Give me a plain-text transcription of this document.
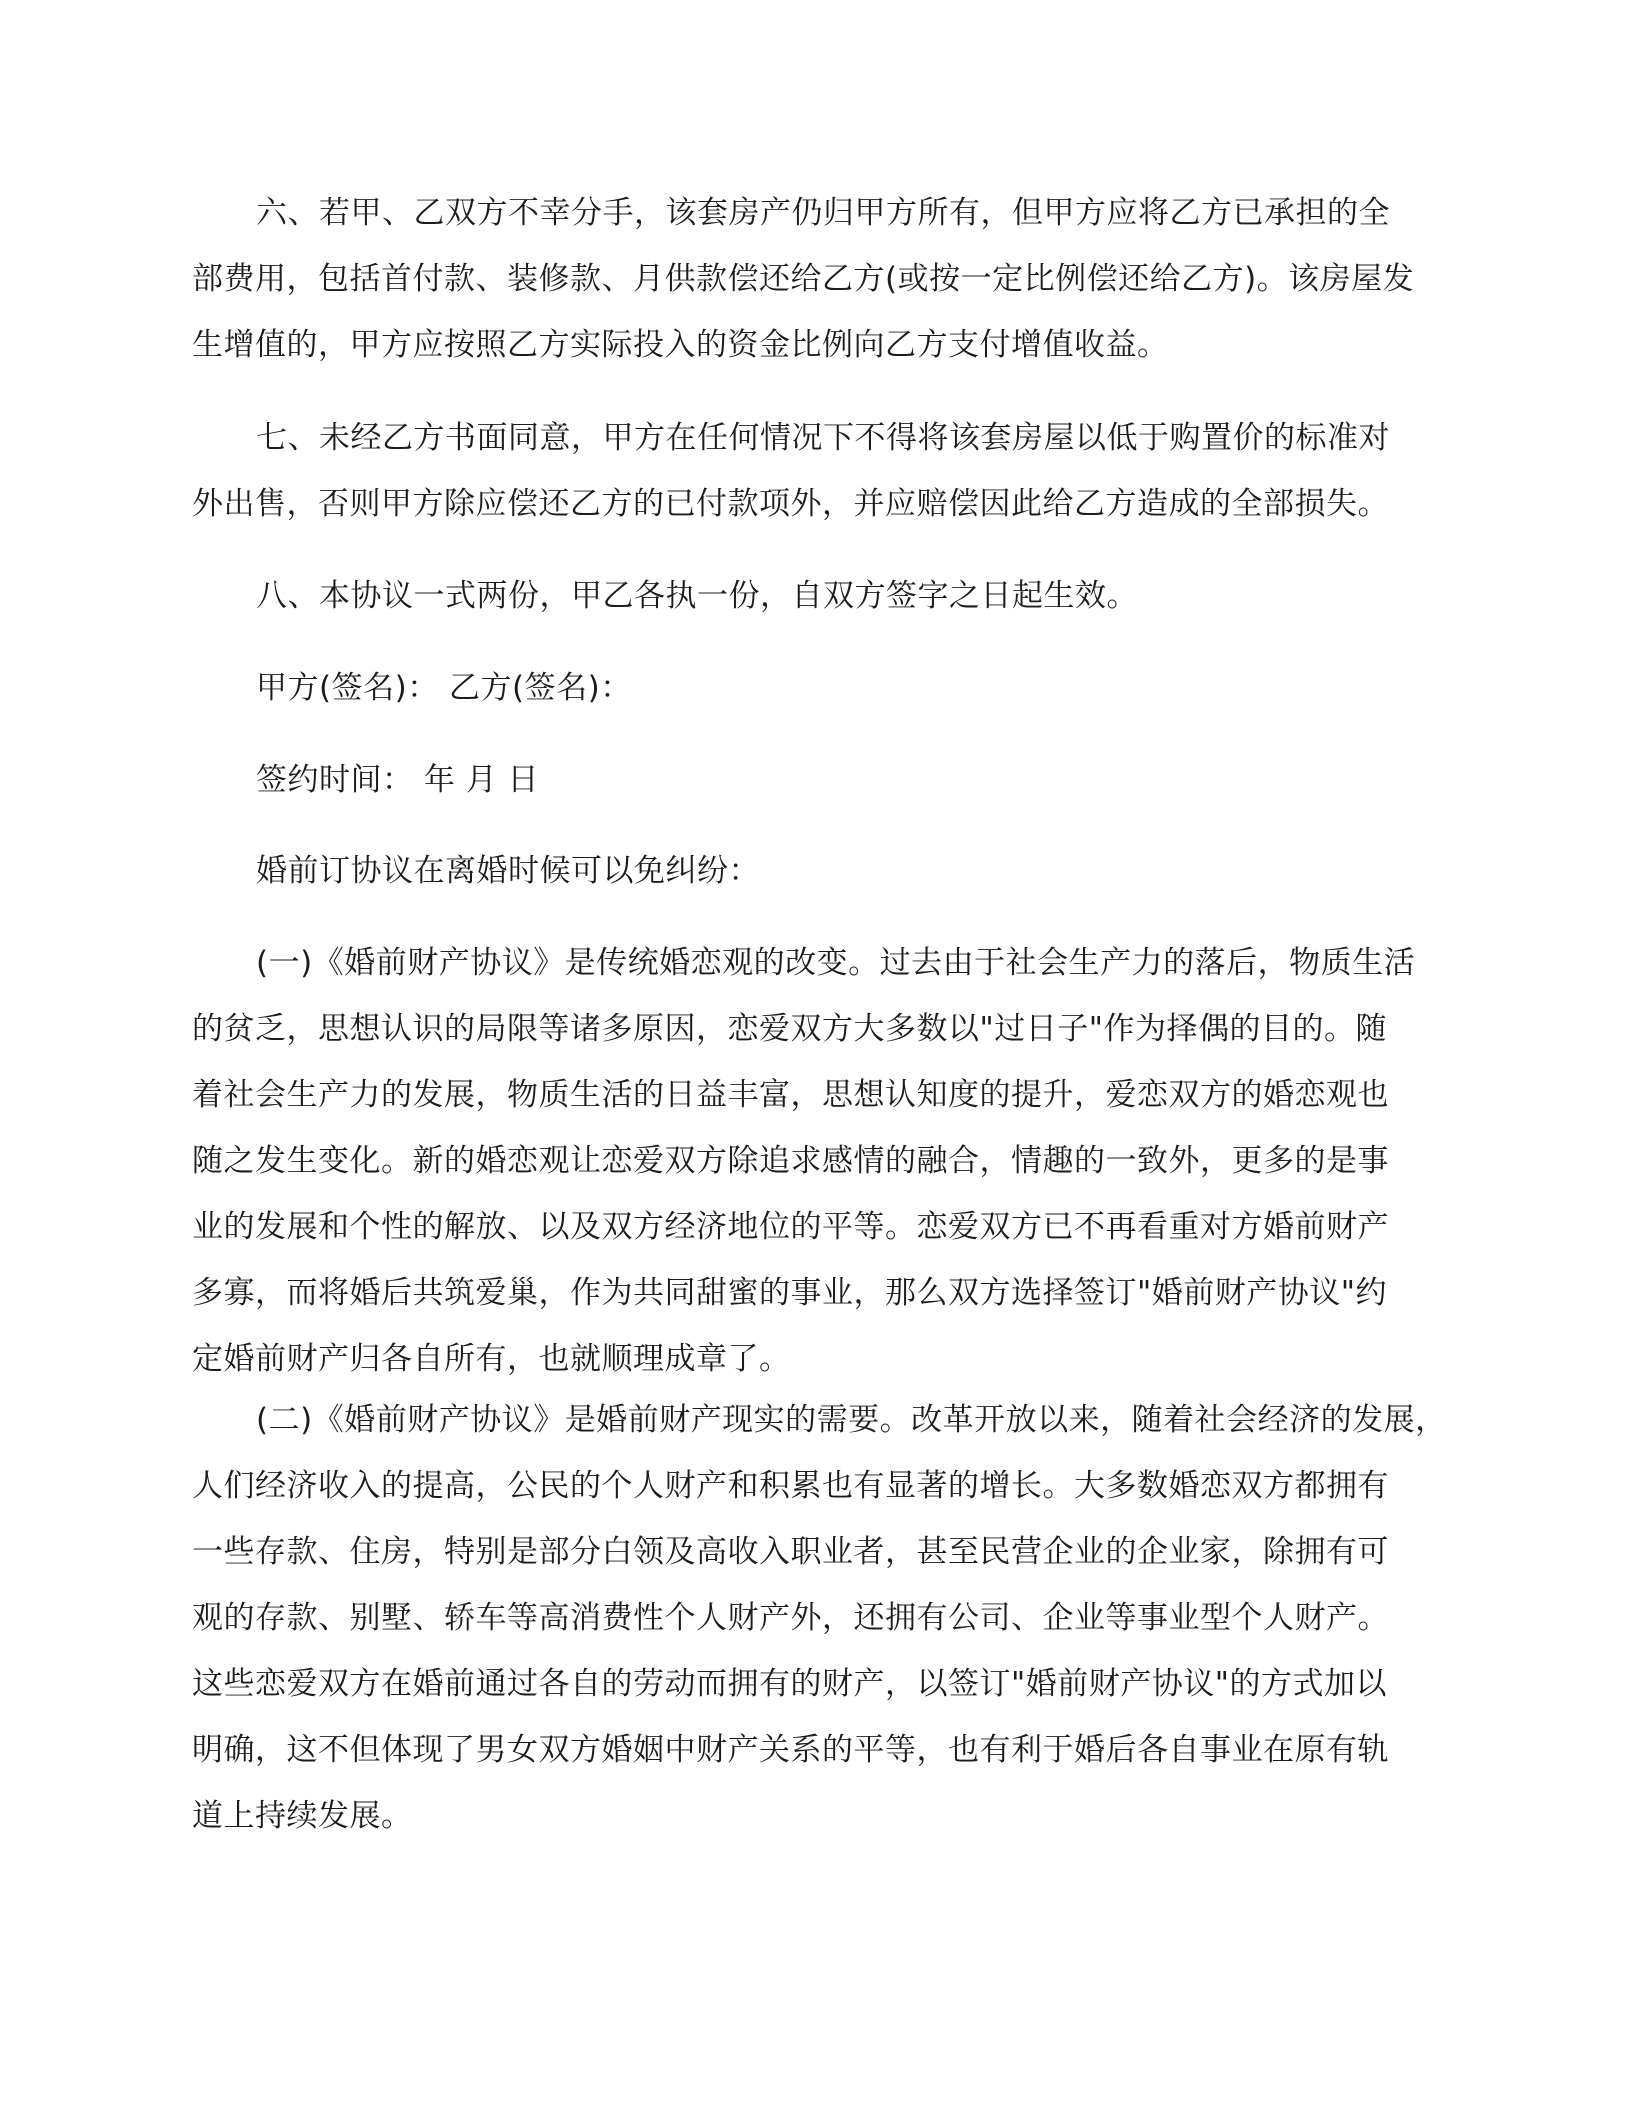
六、若甲、乙双方不幸分手，该套房产仍归甲方所有，但甲方应将乙方已承担的全
部费用，包括首付款、装修款、月供款偿还给乙方(或按一定比例偿还给乙方)。该房屋发
生增值的，甲方应按照乙方实际投入的资金比例向乙方支付增值收益。
七、未经乙方书面同意，甲方在任何情况下不得将该套房屋以低于购置价的标准对
外出售，否则甲方除应偿还乙方的已付款项外，并应赔偿因此给乙方造成的全部损失。
八、本协议一式两份，甲乙各执一份，自双方签字之日起生效。
甲方(签名)： 乙方(签名)：
签约时间： 年 月 日
婚前订协议在离婚时候可以免纠纷：
(一)《婚前财产协议》是传统婚恋观的改变。过去由于社会生产力的落后，物质生活
的贫乏，思想认识的局限等诸多原因，恋爱双方大多数以"过日子"作为择偶的目的。随
着社会生产力的发展，物质生活的日益丰富，思想认知度的提升，爱恋双方的婚恋观也
随之发生变化。新的婚恋观让恋爱双方除追求感情的融合，情趣的一致外，更多的是事
业的发展和个性的解放、以及双方经济地位的平等。恋爱双方已不再看重对方婚前财产
多寡，而将婚后共筑爱巢，作为共同甜蜜的事业，那么双方选择签订"婚前财产协议"约
定婚前财产归各自所有，也就顺理成章了。
(二)《婚前财产协议》是婚前财产现实的需要。改革开放以来，随着社会经济的发展，
人们经济收入的提高，公民的个人财产和积累也有显著的增长。大多数婚恋双方都拥有
一些存款、住房，特别是部分白领及高收入职业者，甚至民营企业的企业家，除拥有可
观的存款、别墅、轿车等高消费性个人财产外，还拥有公司、企业等事业型个人财产。
这些恋爱双方在婚前通过各自的劳动而拥有的财产，以签订"婚前财产协议"的方式加以
明确，这不但体现了男女双方婚姻中财产关系的平等，也有利于婚后各自事业在原有轨
道上持续发展。
